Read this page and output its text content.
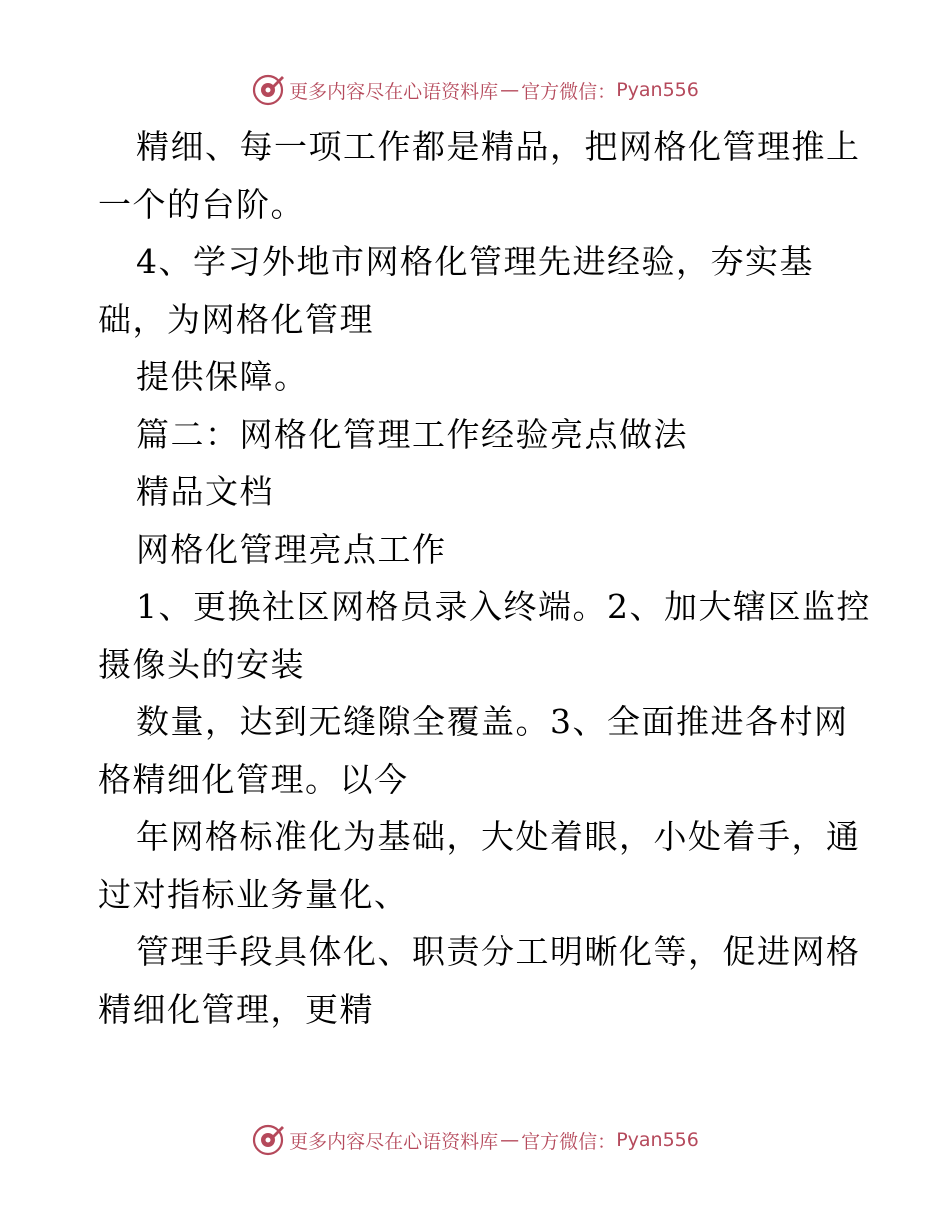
更多内容尽在心语资料库 — 官方微信： Pyan556
精细、每一项工作都是精品，把网格化管理推上
一个的台阶。
4、学习外地市网格化管理先进经验，夯实基
础，为网格化管理
提供保障。
篇二：网格化管理工作经验亮点做法
精品文档
网格化管理亮点工作
1、更换社区网格员录入终端。2、加大辖区监控
摄像头的安装
数量，达到无缝隙全覆盖。3、全面推进各村网
格精细化管理。以今
年网格标准化为基础，大处着眼，小处着手，通
过对指标业务量化、
管理手段具体化、职责分工明晰化等，促进网格
精细化管理，更精
更多内容尽在心语资料库 — 官方微信： Pyan556
